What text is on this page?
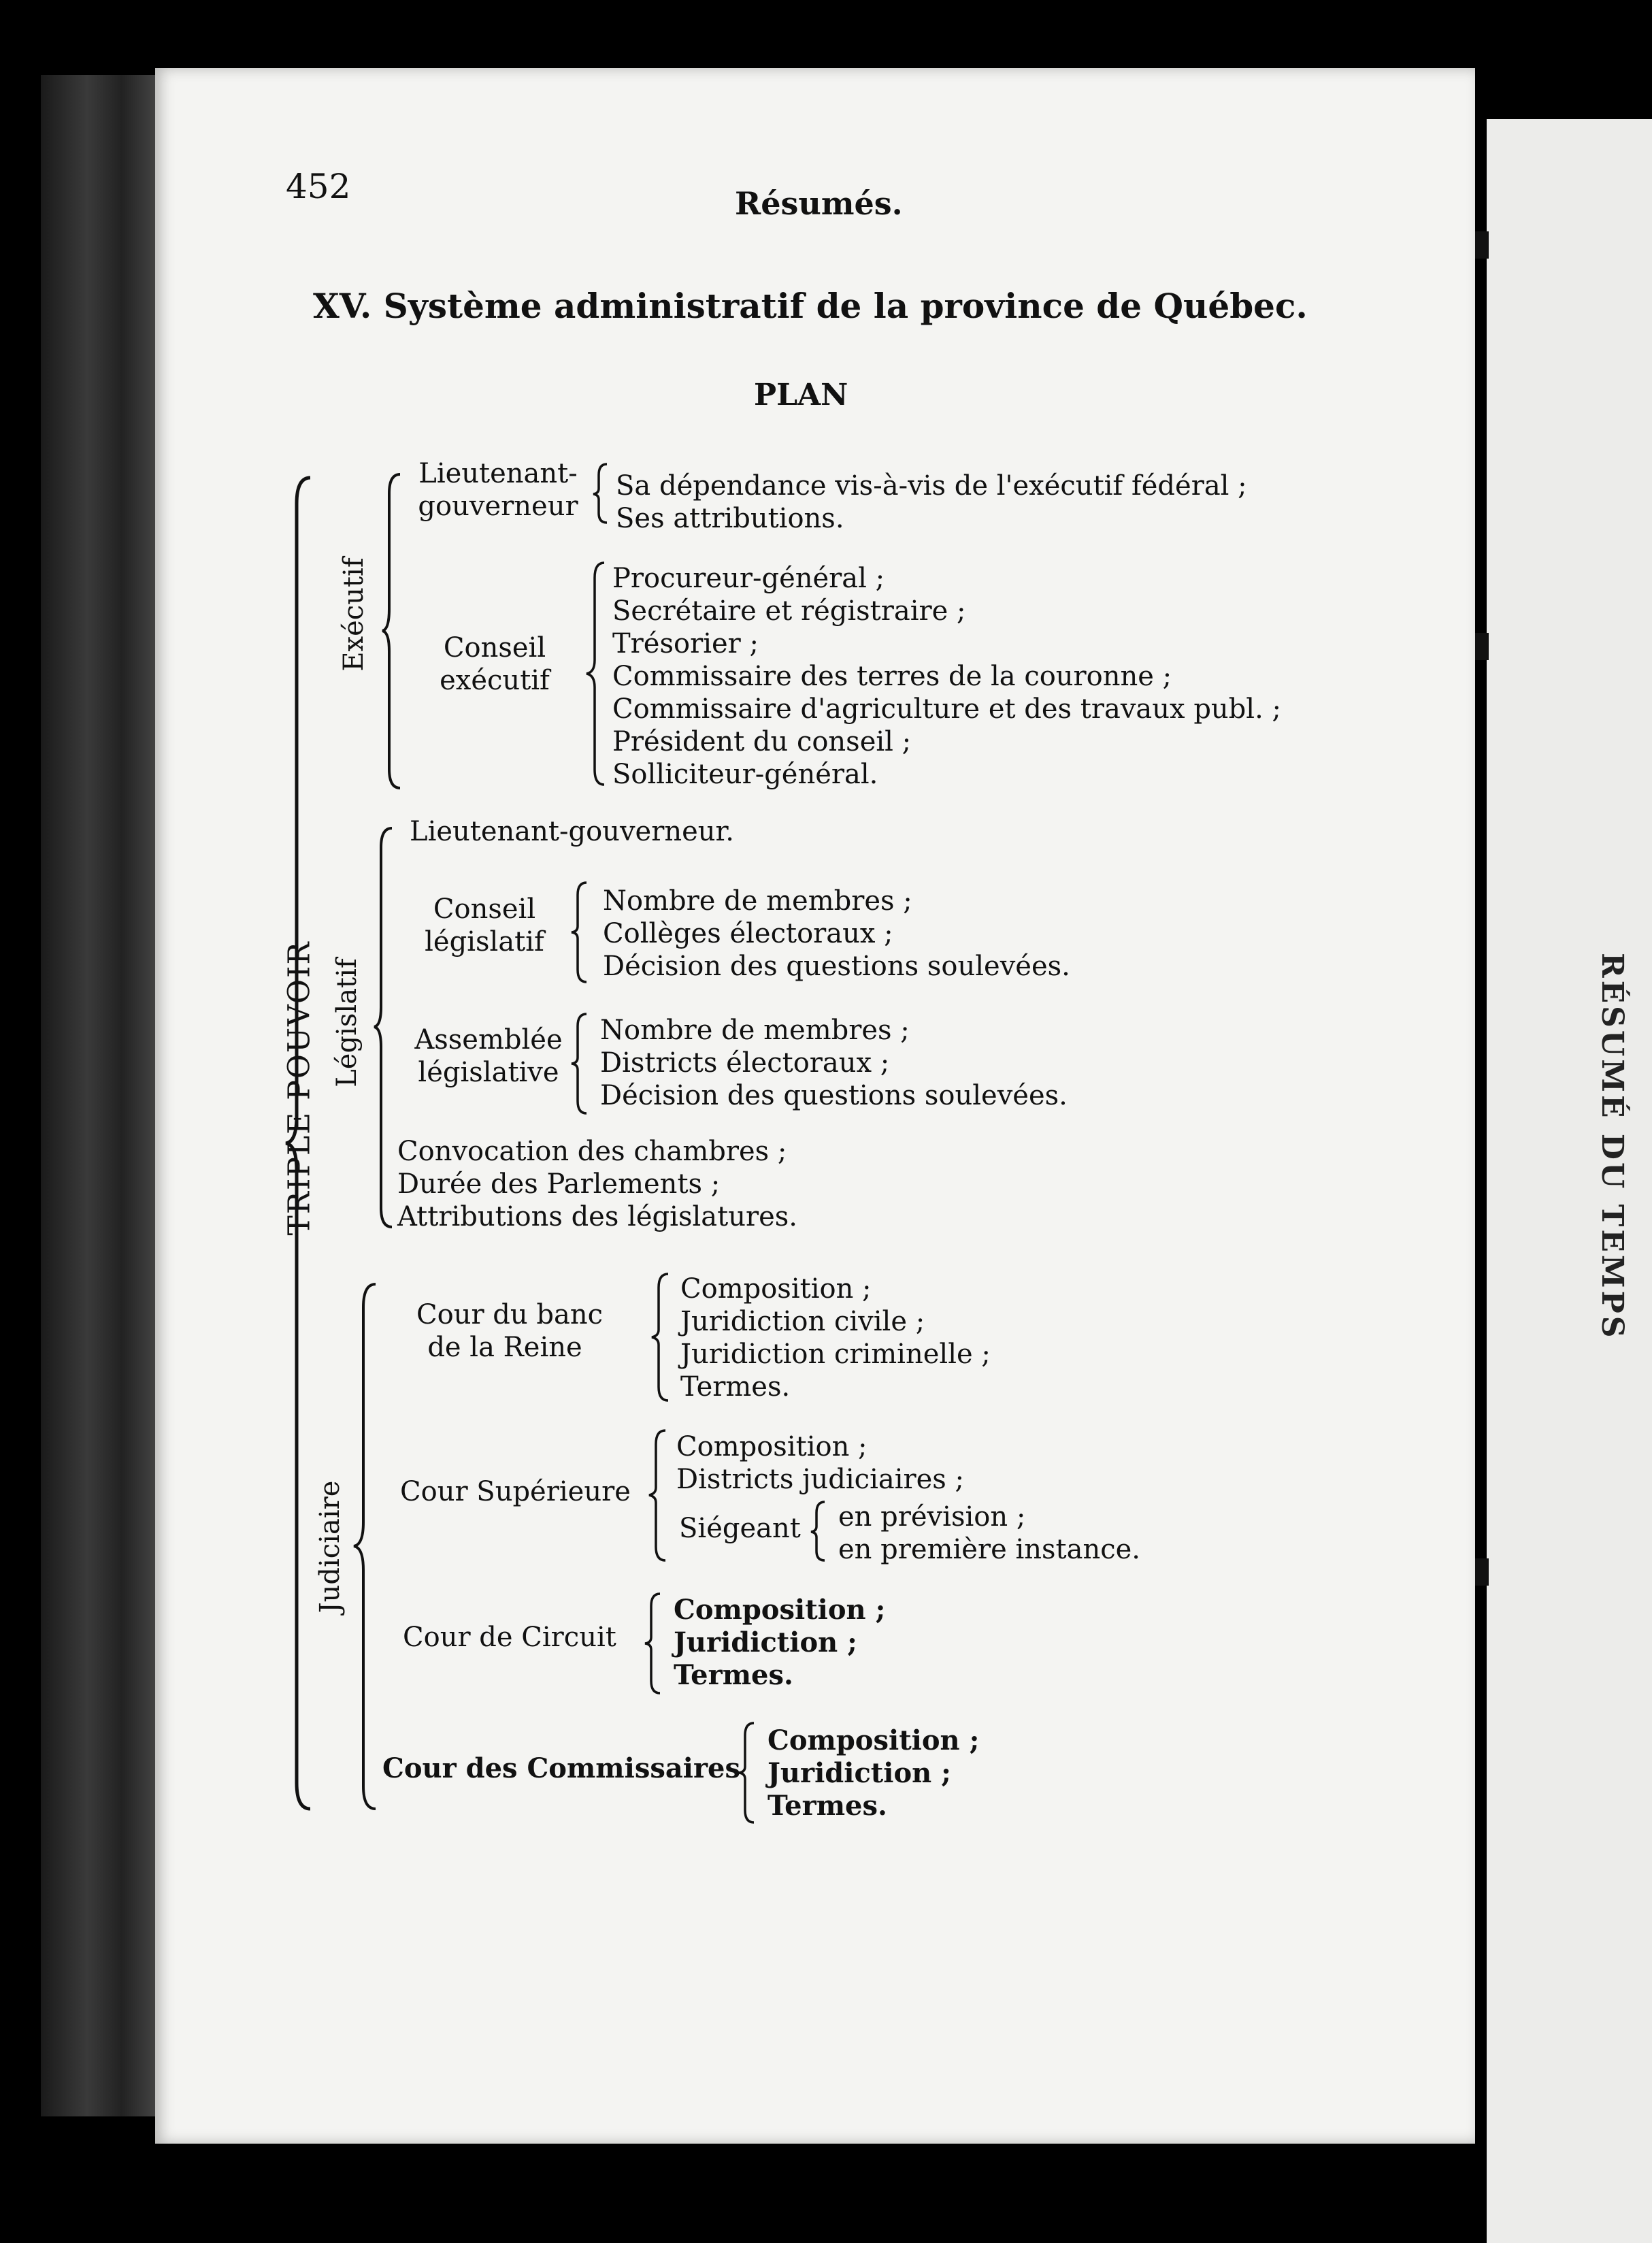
RÉSUMÉ DU TEMPS
452	Résumés.
XV. Système administratif de la province de Québec.
PLAN
TRIPLE POUVOIR
Exécutif
Lieutenant-
gouverneur
Sa dépendance vis-à-vis de l'exécutif fédéral ;
Ses attributions.
Conseil
exécutif
Procureur-général ;
Secrétaire et régistraire ;
Trésorier ;
Commissaire des terres de la couronne ;
Commissaire d'agriculture et des travaux publ. ;
Président du conseil ;
Solliciteur-général.
Législatif
Lieutenant-gouverneur.
Conseil
législatif
Nombre de membres ;
Collèges électoraux ;
Décision des questions soulevées.
Assemblée
législative
Nombre de membres ;
Districts électoraux ;
Décision des questions soulevées.
Convocation des chambres ;
Durée des Parlements ;
Attributions des législatures.
Judiciaire
Cour du banc
de la Reine
Composition ;
Juridiction civile ;
Juridiction criminelle ;
Termes.
Cour Supérieure
Composition ;
Districts judiciaires ;
Siégeant en prévision ;
en première instance.
Cour de Circuit
Composition ;
Juridiction ;
Termes.
Cour des Commissaires
Composition ;
Juridiction ;
Termes.
